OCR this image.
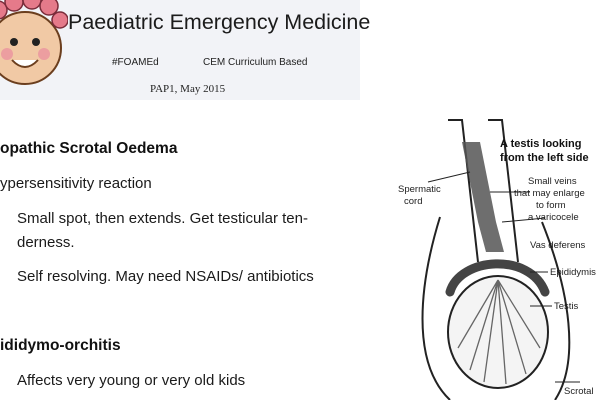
Paediatric Emergency Medicine
#FOAMEd	CEM Curriculum Based
PAP1, May 2015
opathic Scrotal Oedema
ypersensitivity reaction
Small spot, then extends. Get testicular ten-
derness.
Self resolving. May need NSAIDs/ antibiotics
ididymo-orchitis
Affects very young or very old kids
A testis looking
from the left side
Spermatic
cord
Small veins
that may enlarge
to form
a varicocele
Vas deferens
Epididymis
Testis
Scrotal
